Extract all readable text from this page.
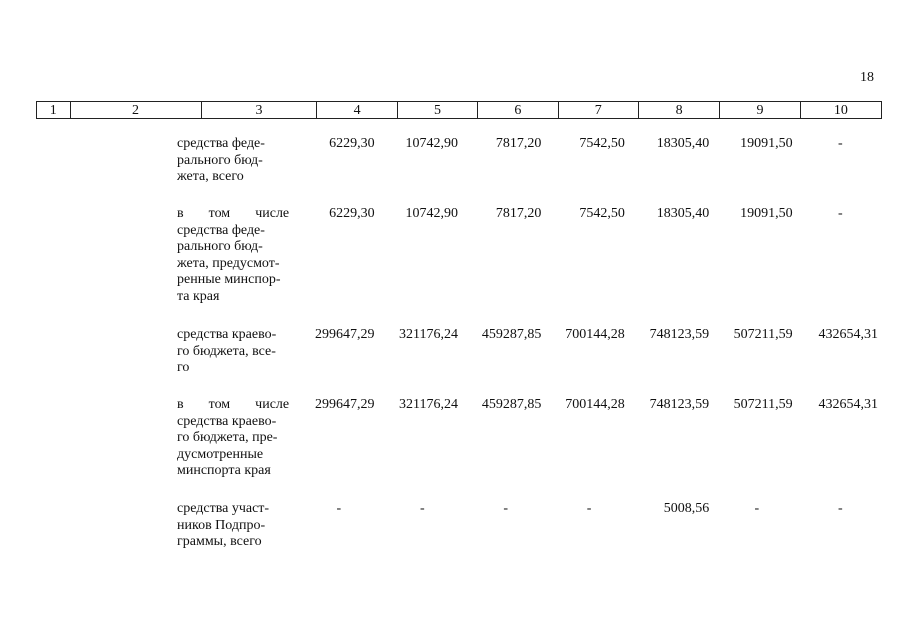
18
1	2	3	4	5	6	7	8	9	10
средства феде-
рального бюд-
жета, всего
6229,30	10742,90	7817,20	7542,50	18305,40	19091,50	-
в том числе средства феде-
рального бюд-
жета, предусмот-
ренные минспор-
та края
6229,30	10742,90	7817,20	7542,50	18305,40	19091,50	-
средства краево-
го бюджета, все-
го
299647,29	321176,24	459287,85	700144,28	748123,59	507211,59	432654,31
в том числе средства краево-
го бюджета, пре-
дусмотренные минспорта края
299647,29	321176,24	459287,85	700144,28	748123,59	507211,59	432654,31
средства участ-
ников Подпро-
граммы, всего
-	-	-	-	5008,56	-	-
